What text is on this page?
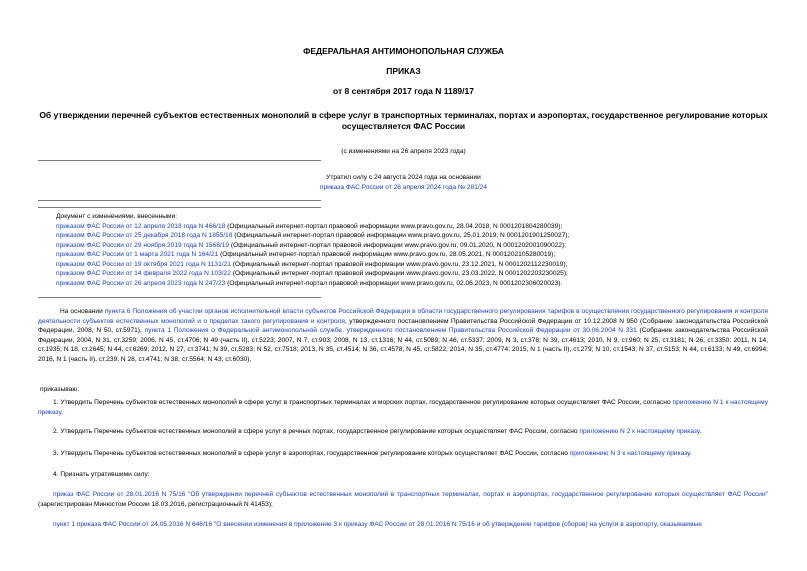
ФЕДЕРАЛЬНАЯ АНТИМОНОПОЛЬНАЯ СЛУЖБА
ПРИКАЗ
от 8 сентября 2017 года N 1189/17
Об утверждении перечней субъектов естественных монополий в сфере услуг в транспортных терминалах, портах и аэропортах, государственное регулирование которых осуществляется ФАС России
(с изменениями на 26 апреля 2023 года)
Утратил силу с 24 августа 2024 года на основании
приказа ФАС России от 26 апреля 2024 года № 281/24
Документ с изменениями, внесенными:
приказом ФАС России от 12 апреля 2018 года N 466/18 (Официальный интернет-портал правовой информации www.pravo.gov.ru, 28.04.2018, N 0001201804280039);
приказом ФАС России от 25 декабря 2018 года N 1855/18 (Официальный интернет-портал правовой информации www.pravo.gov.ru, 25.01.2019, N 0001201901250027);
приказом ФАС России от 29 ноября 2019 года N 1568/19 (Официальный интернет-портал правовой информации www.pravo.gov.ru, 09.01.2020, N 0001202001090022);
приказом ФАС России от 1 марта 2021 года N 164/21 (Официальный интернет-портал правовой информации www.pravo.gov.ru, 28.05.2021, N 0001202105280019);
приказом ФАС России от 19 октября 2021 года N 1131/21 (Официальный интернет-портал правовой информации www.pravo.gov.ru, 23.12.2021, N 0001202112230019);
приказом ФАС России от 14 февраля 2022 года N 103/22 (Официальный интернет-портал правовой информации www.pravo.gov.ru, 23.03.2022, N 0001202203230025);
приказом ФАС России от 26 апреля 2023 года N 247/23 (Официальный интернет-портал правовой информации www.pravo.gov.ru, 02.06.2023, N 0001202306020023).
На основании пункта 6 Положения об участии органов исполнительной власти субъектов Российской Федерации в области государственного регулирования тарифов в осуществлении государственного регулирования и контроля деятельности субъектов естественных монополий и о пределах такого регулирования и контроля, утвержденного постановлением Правительства Российской Федерации от 10.12.2008 N 950 (Собрание законодательства Российской Федерации, 2008, N 50, ст.5971), пункта 1 Положения о Федеральной антимонопольной службе, утвержденного постановлением Правительства Российской Федерации от 30.06.2004 N 331 (Собрание законодательства Российской Федерации, 2004, N 31, ст.3259; 2006, N 45, ст.4706; N 49 (часть II), ст.5223; 2007, N 7, ст.903; 2008, N 13, ст.1316; N 44, ст.5089; N 46, ст.5337; 2009, N 3, ст.378; N 39, ст.4613; 2010, N 9, ст.960; N 25, ст.3181; N 26, ст.3350; 2011, N 14, ст.1935; N 18, ст.2645; N 44, ст.6269; 2012, N 27, ст.3741; N 39, ст.5283; N 52, ст.7518; 2013, N 35, ст.4514; N 36, ст.4578; N 45, ст.5822; 2014, N 35, ст.4774; 2015, N 1 (часть II), ст.279; N 10, ст.1543; N 37, ст.5153; N 44, ст.6133; N 49, ст.6994; 2016, N 1 (часть II), ст.239; N 28, ст.4741; N 38, ст.5564; N 43, ст.6030),
приказываю:
1. Утвердить Перечень субъектов естественных монополий в сфере услуг в транспортных терминалах и морских портах, государственное регулирование которых осуществляет ФАС России, согласно приложению N 1 к настоящему приказу.
2. Утвердить Перечень субъектов естественных монополий в сфере услуг в речных портах, государственное регулирование которых осуществляет ФАС России, согласно приложению N 2 к настоящему приказу.
3. Утвердить Перечень субъектов естественных монополий в сфере услуг в аэропортах, государственное регулирование которых осуществляет ФАС России, согласно приложению N 3 к настоящему приказу.
4. Признать утратившими силу:
приказ ФАС России от 28.01.2016 N 75/16 "Об утверждении перечней субъектов естественных монополий в транспортных терминалах, портах и аэропортах, государственное регулирование которых осуществляет ФАС России" (зарегистрирован Минюстом России 18.03.2016, регистрационный N 41453);
пункт 1 приказа ФАС России от 24.05.2016 N 646/16 "О внесении изменения в приложение 3 к приказу ФАС России от 28.01.2016 N 75/16 и об утверждении тарифов (сборов) на услуги в аэропорту, оказываемые
